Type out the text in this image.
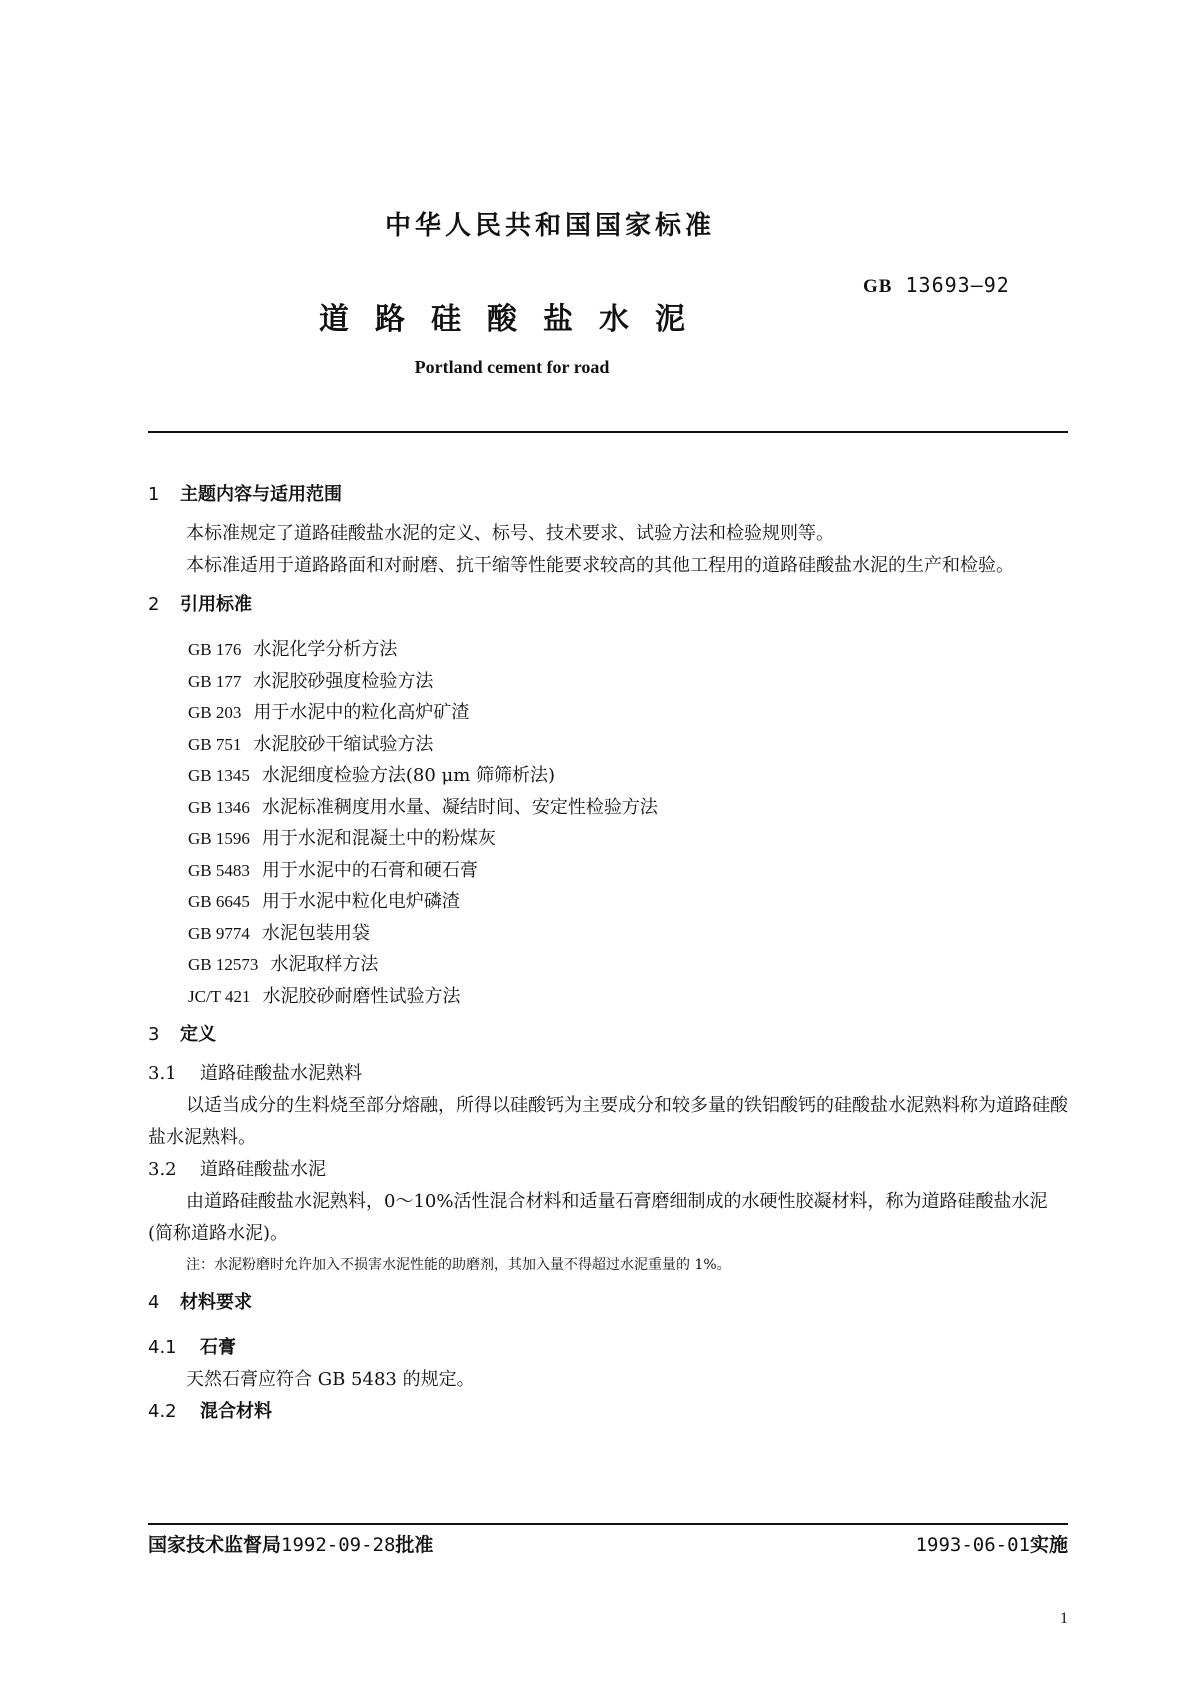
中华人民共和国国家标准
GB 13693—92
道路硅酸盐水泥
Portland cement for road
1 主题内容与适用范围
本标准规定了道路硅酸盐水泥的定义、标号、技术要求、试验方法和检验规则等。
本标准适用于道路路面和对耐磨、抗干缩等性能要求较高的其他工程用的道路硅酸盐水泥的生产和检验。
2 引用标准
GB 176 水泥化学分析方法
GB 177 水泥胶砂强度检验方法
GB 203 用于水泥中的粒化高炉矿渣
GB 751 水泥胶砂干缩试验方法
GB 1345 水泥细度检验方法(80 μm 筛筛析法)
GB 1346 水泥标准稠度用水量、凝结时间、安定性检验方法
GB 1596 用于水泥和混凝土中的粉煤灰
GB 5483 用于水泥中的石膏和硬石膏
GB 6645 用于水泥中粒化电炉磷渣
GB 9774 水泥包装用袋
GB 12573 水泥取样方法
JC/T 421 水泥胶砂耐磨性试验方法
3 定义
3.1 道路硅酸盐水泥熟料
以适当成分的生料烧至部分熔融，所得以硅酸钙为主要成分和较多量的铁铝酸钙的硅酸盐水泥熟料称为道路硅酸盐水泥熟料。
3.2 道路硅酸盐水泥
由道路硅酸盐水泥熟料，0～10%活性混合材料和适量石膏磨细制成的水硬性胶凝材料，称为道路硅酸盐水泥(简称道路水泥)。
注：水泥粉磨时允许加入不损害水泥性能的助磨剂，其加入量不得超过水泥重量的 1%。
4 材料要求
4.1 石膏
天然石膏应符合 GB 5483 的规定。
4.2 混合材料
国家技术监督局1992-09-28批准	1993-06-01实施
1
